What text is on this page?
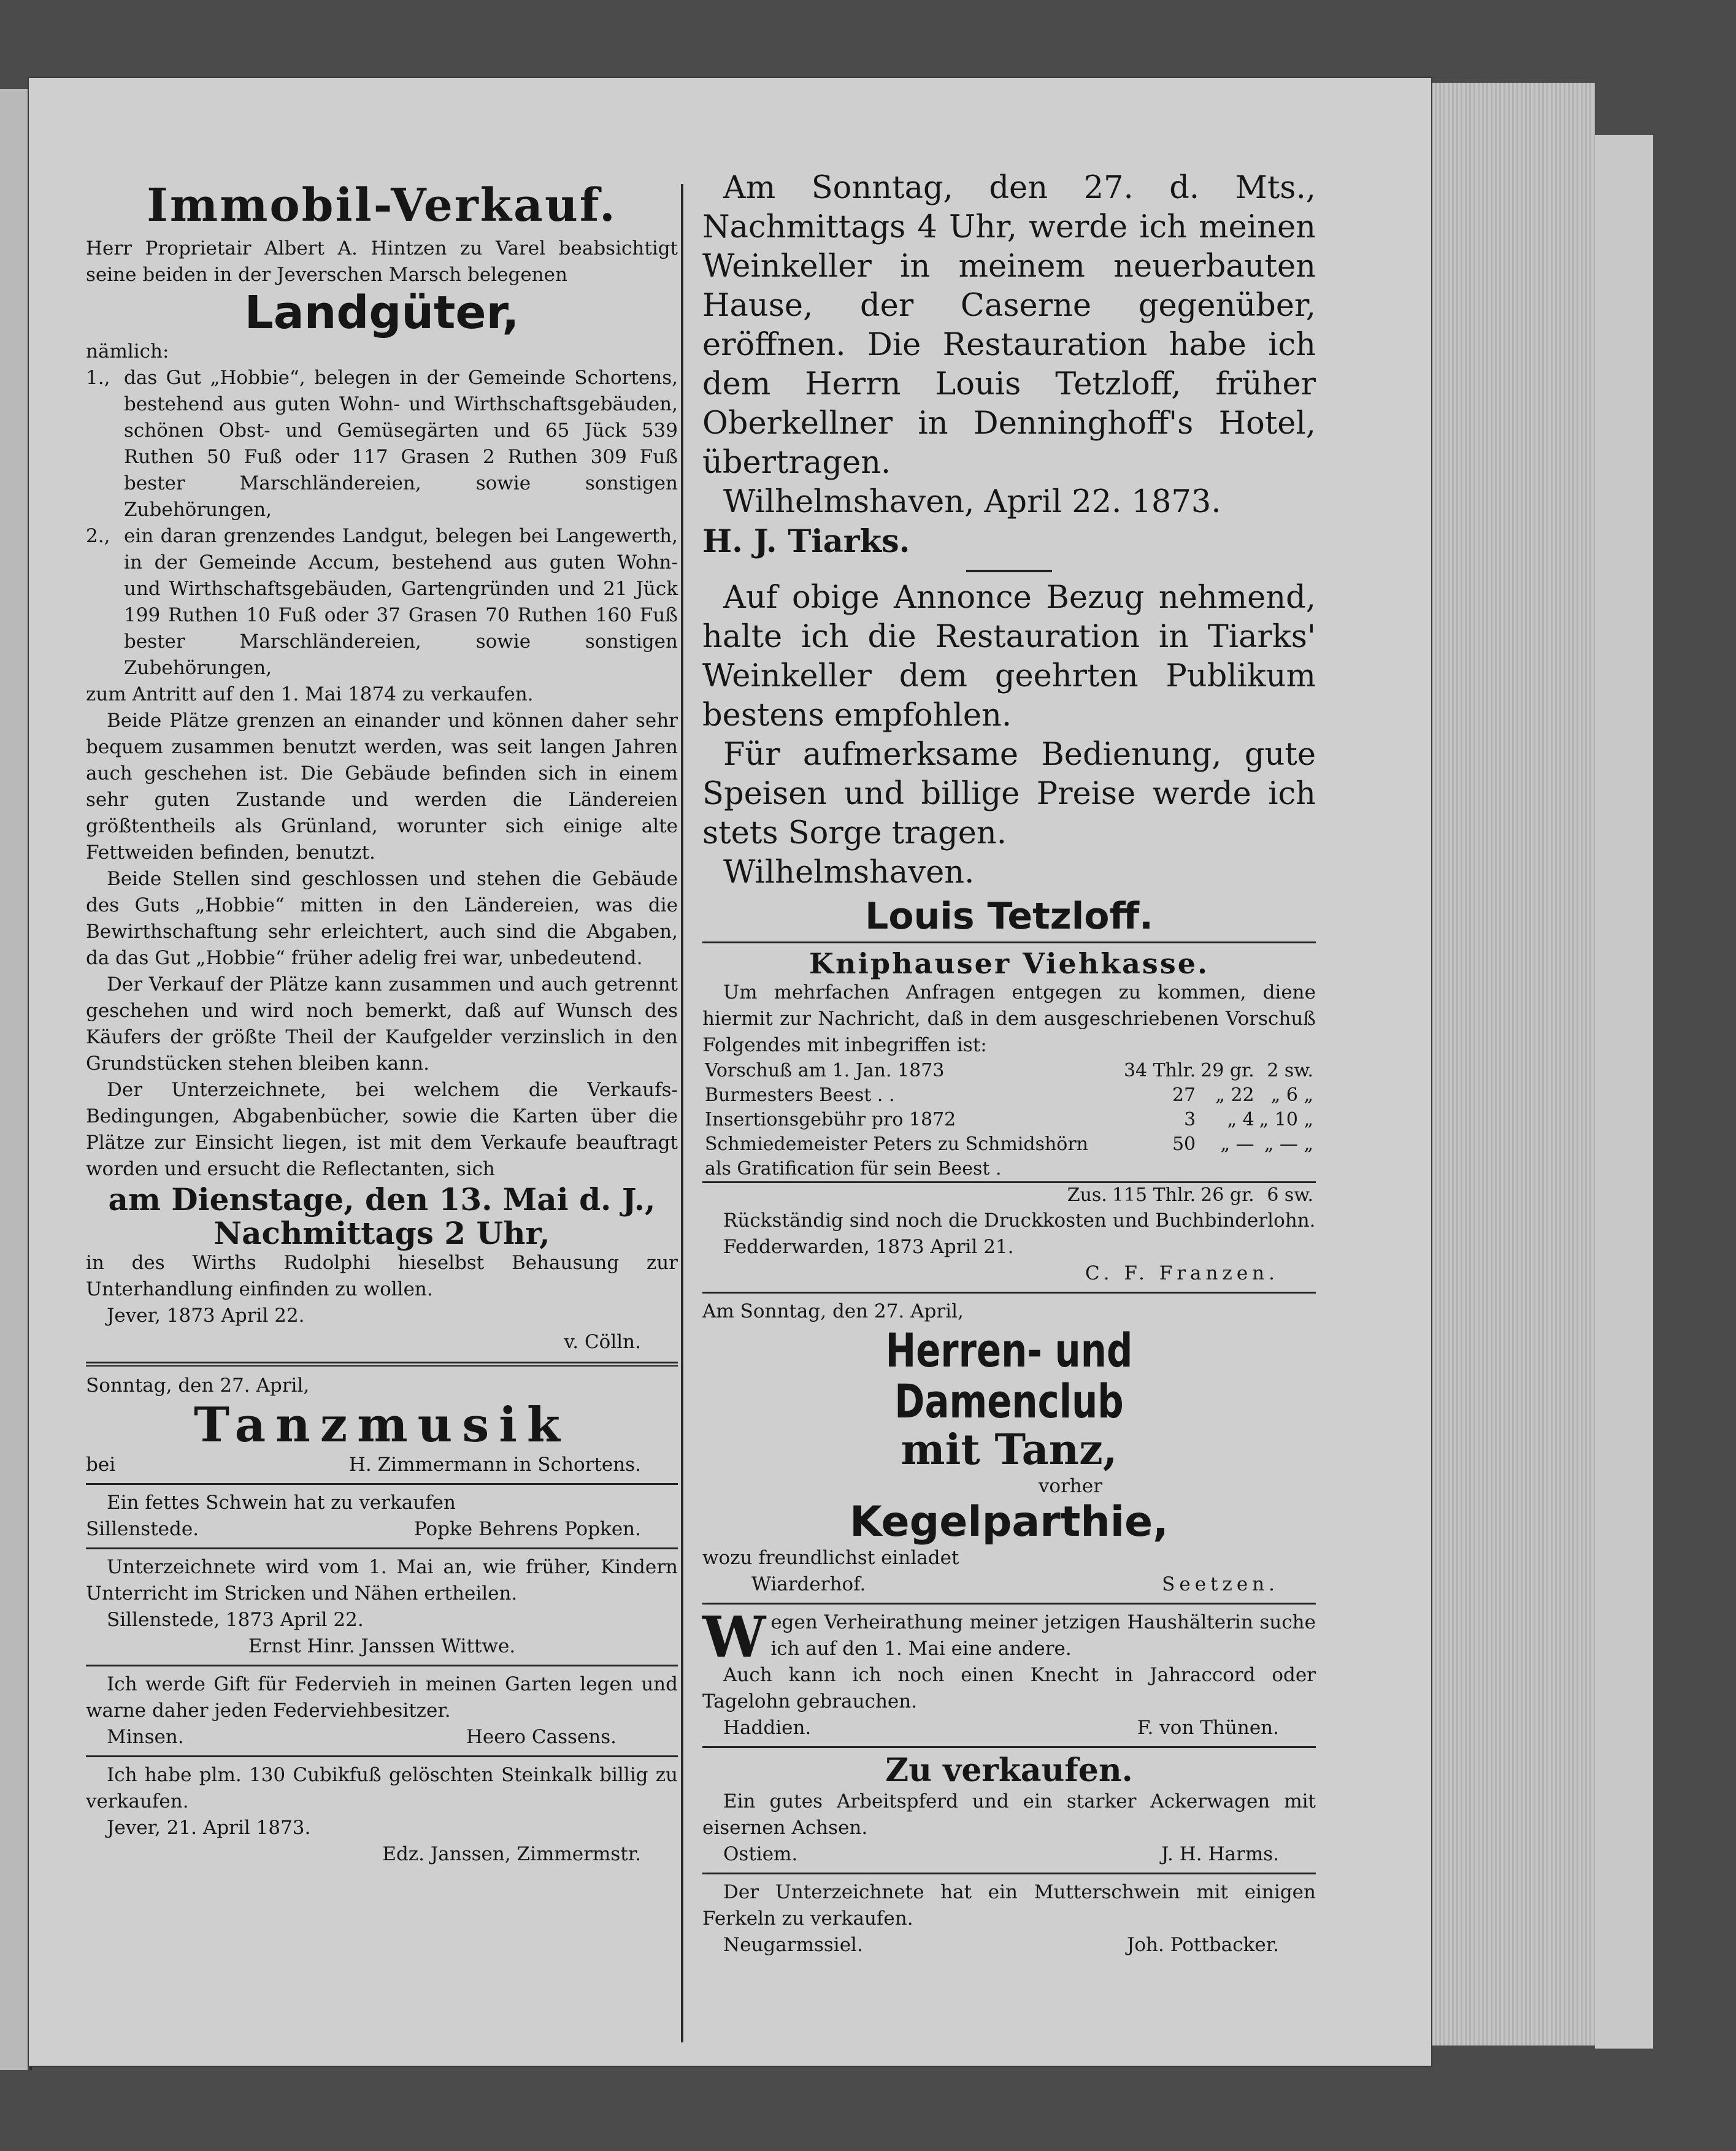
Immobil-Verkauf.

Herr Proprietair Albert A. Hintzen zu Varel beabsichtigt seine beiden in der Jeverschen Marsch belegenen

Landgüter,

nämlich:

1., das Gut „Hobbie“, belegen in der Gemeinde Schortens, bestehend aus guten Wohn- und Wirthschaftsgebäuden, schönen Obst- und Gemüsegärten und 65 Jück 539 Ruthen 50 Fuß oder 117 Grasen 2 Ruthen 309 Fuß bester Marschländereien, sowie sonstigen Zubehörungen,
2., ein daran grenzendes Landgut, belegen bei Langewerth, in der Gemeinde Accum, bestehend aus guten Wohn- und Wirthschaftsgebäuden, Gartengründen und 21 Jück 199 Ruthen 10 Fuß oder 37 Grasen 70 Ruthen 160 Fuß bester Marschländereien, sowie sonstigen Zubehörungen,

zum Antritt auf den 1. Mai 1874 zu verkaufen.

Beide Plätze grenzen an einander und können daher sehr bequem zusammen benutzt werden, was seit langen Jahren auch geschehen ist. Die Gebäude befinden sich in einem sehr guten Zustande und werden die Ländereien größtentheils als Grünland, worunter sich einige alte Fettweiden befinden, benutzt.

Beide Stellen sind geschlossen und stehen die Gebäude des Guts „Hobbie“ mitten in den Ländereien, was die Bewirthschaftung sehr erleichtert, auch sind die Abgaben, da das Gut „Hobbie“ früher adelig frei war, unbedeutend.

Der Verkauf der Plätze kann zusammen und auch getrennt geschehen und wird noch bemerkt, daß auf Wunsch des Käufers der größte Theil der Kaufgelder verzinslich in den Grundstücken stehen bleiben kann.

Der Unterzeichnete, bei welchem die Verkaufs-Bedingungen, Abgabenbücher, sowie die Karten über die Plätze zur Einsicht liegen, ist mit dem Verkaufe beauftragt worden und ersucht die Reflectanten, sich

am Dienstage, den 13. Mai d. J.,

Nachmittags 2 Uhr,

in des Wirths Rudolphi hieselbst Behausung zur Unterhandlung einfinden zu wollen.

Jever, 1873 April 22.

v. Cölln.

Sonntag, den 27. April,

Tanzmusik

bei	H. Zimmermann in Schortens.

Ein fettes Schwein hat zu verkaufen

Sillenstede.	Popke Behrens Popken.

Unterzeichnete wird vom 1. Mai an, wie früher, Kindern Unterricht im Stricken und Nähen ertheilen.

Sillenstede, 1873 April 22.

Ernst Hinr. Janssen Wittwe.

Ich werde Gift für Federvieh in meinen Garten legen und warne daher jeden Federviehbesitzer.

Minsen.	Heero Cassens.

Ich habe plm. 130 Cubikfuß gelöschten Steinkalk billig zu verkaufen.

Jever, 21. April 1873.

Edz. Janssen, Zimmermstr.

Am Sonntag, den 27. d. Mts., Nachmittags 4 Uhr, werde ich meinen Weinkeller in meinem neuerbauten Hause, der Caserne gegenüber, eröffnen. Die Restauration habe ich dem Herrn Louis Tetzloff, früher Oberkellner in Denninghoff's Hotel, übertragen.

Wilhelmshaven, April 22. 1873.

H. J. Tiarks.

Auf obige Annonce Bezug nehmend, halte ich die Restauration in Tiarks' Weinkeller dem geehrten Publikum bestens empfohlen.

Für aufmerksame Bedienung, gute Speisen und billige Preise werde ich stets Sorge tragen.

Wilhelmshaven.

Louis Tetzloff.

Kniphauser Viehkasse.

Um mehrfachen Anfragen entgegen zu kommen, diene hiermit zur Nachricht, daß in dem ausgeschriebenen Vorschuß Folgendes mit inbegriffen ist:

Vorschuß am 1. Jan. 1873	34 Thlr.	29 gr.	2 sw.
Burmesters Beest . .	27	„ 22	„ 6 „
Insertionsgebühr pro 1872	3	„ 4	„ 10 „
Schmiedemeister Peters zu Schmidshörn als Gratification für sein Beest .	50	„ —	„ — „
Zus.	115 Thlr.	26 gr.	6 sw.

Rückständig sind noch die Druckkosten und Buchbinderlohn.

Fedderwarden, 1873 April 21.

C. F. Franzen.

Am Sonntag, den 27. April,

Herren- und Damenclub

mit Tanz,

vorher

Kegelparthie,

wozu freundlichst einladet

Wiarderhof.	Seetzen.

W egen Verheirathung meiner jetzigen Haushälterin suche ich auf den 1. Mai eine andere.

Auch kann ich noch einen Knecht in Jahraccord oder Tagelohn gebrauchen.

Haddien.	F. von Thünen.

Zu verkaufen.

Ein gutes Arbeitspferd und ein starker Ackerwagen mit eisernen Achsen.

Ostiem.	J. H. Harms.

Der Unterzeichnete hat ein Mutterschwein mit einigen Ferkeln zu verkaufen.

Neugarmssiel.	Joh. Pottbacker.
